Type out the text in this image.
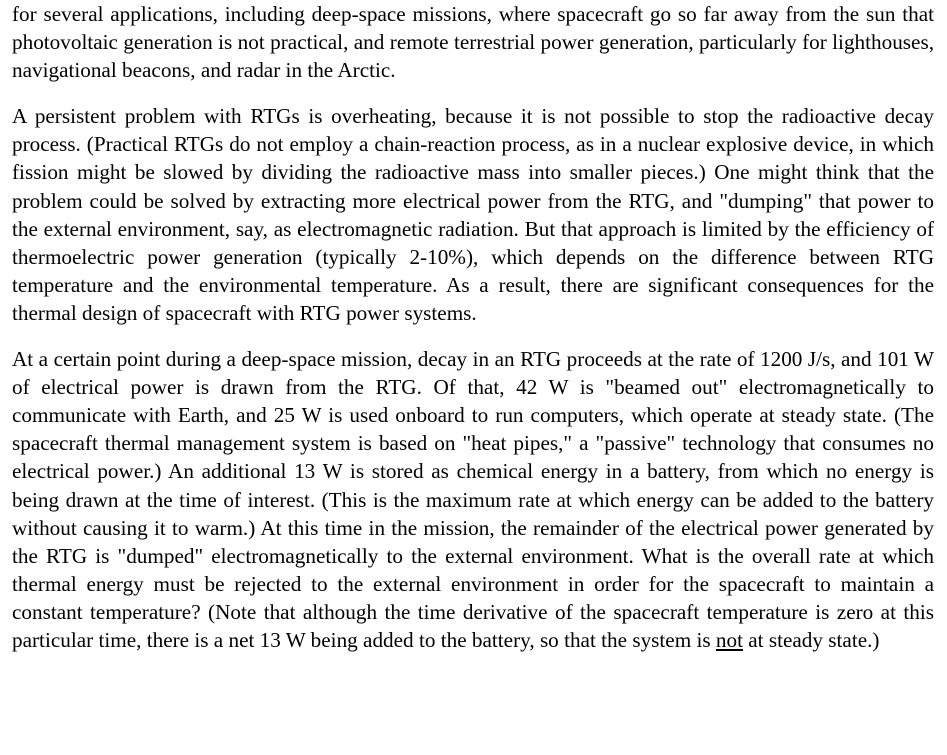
for several applications, including deep-space missions, where spacecraft go so far away from the sun that photovoltaic generation is not practical, and remote terrestrial power generation, particularly for lighthouses, navigational beacons, and radar in the Arctic.

A persistent problem with RTGs is overheating, because it is not possible to stop the radioactive decay process. (Practical RTGs do not employ a chain-reaction process, as in a nuclear explosive device, in which fission might be slowed by dividing the radioactive mass into smaller pieces.) One might think that the problem could be solved by extracting more electrical power from the RTG, and "dumping" that power to the external environment, say, as electromagnetic radiation. But that approach is limited by the efficiency of thermoelectric power generation (typically 2-10%), which depends on the difference between RTG temperature and the environmental temperature. As a result, there are significant consequences for the thermal design of spacecraft with RTG power systems.

At a certain point during a deep-space mission, decay in an RTG proceeds at the rate of 1200 J/s, and 101 W of electrical power is drawn from the RTG. Of that, 42 W is "beamed out" electromagnetically to communicate with Earth, and 25 W is used onboard to run computers, which operate at steady state. (The spacecraft thermal management system is based on "heat pipes," a "passive" technology that consumes no electrical power.) An additional 13 W is stored as chemical energy in a battery, from which no energy is being drawn at the time of interest. (This is the maximum rate at which energy can be added to the battery without causing it to warm.) At this time in the mission, the remainder of the electrical power generated by the RTG is "dumped" electromagnetically to the external environment. What is the overall rate at which thermal energy must be rejected to the external environment in order for the spacecraft to maintain a constant temperature? (Note that although the time derivative of the spacecraft temperature is zero at this particular time, there is a net 13 W being added to the battery, so that the system is not at steady state.)
